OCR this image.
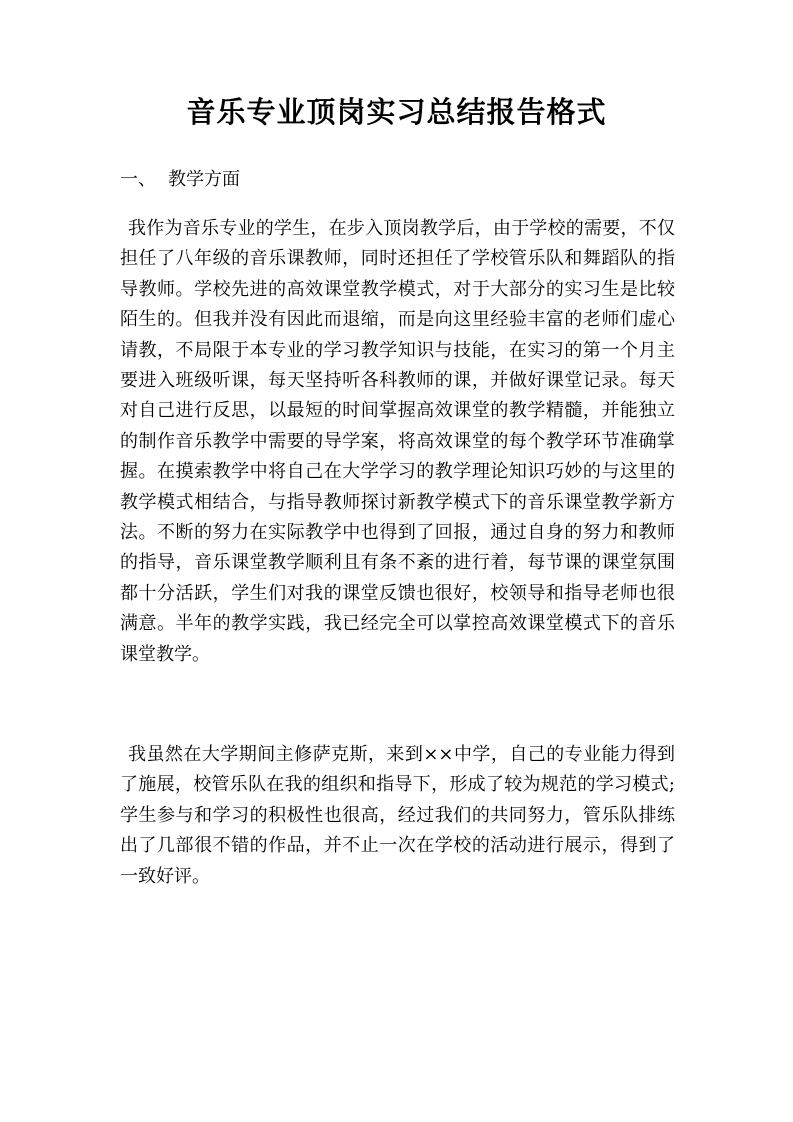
音乐专业顶岗实习总结报告格式
一、 教学方面

我作为音乐专业的学生，在步入顶岗教学后，由于学校的需要，不仅担任了八年级的音乐课教师，同时还担任了学校管乐队和舞蹈队的指导教师。学校先进的高效课堂教学模式，对于大部分的实习生是比较陌生的。但我并没有因此而退缩，而是向这里经验丰富的老师们虚心请教，不局限于本专业的学习教学知识与技能，在实习的第一个月主要进入班级听课，每天坚持听各科教师的课，并做好课堂记录。每天对自己进行反思，以最短的时间掌握高效课堂的教学精髓，并能独立的制作音乐教学中需要的导学案，将高效课堂的每个教学环节准确掌握。在摸索教学中将自己在大学学习的教学理论知识巧妙的与这里的教学模式相结合，与指导教师探讨新教学模式下的音乐课堂教学新方法。不断的努力在实际教学中也得到了回报，通过自身的努力和教师的指导，音乐课堂教学顺利且有条不紊的进行着，每节课的课堂氛围都十分活跃，学生们对我的课堂反馈也很好，校领导和指导老师也很满意。半年的教学实践，我已经完全可以掌控高效课堂模式下的音乐课堂教学。

我虽然在大学期间主修萨克斯，来到××中学，自己的专业能力得到了施展，校管乐队在我的组织和指导下，形成了较为规范的学习模式;学生参与和学习的积极性也很高，经过我们的共同努力，管乐队排练出了几部很不错的作品，并不止一次在学校的活动进行展示，得到了一致好评。
